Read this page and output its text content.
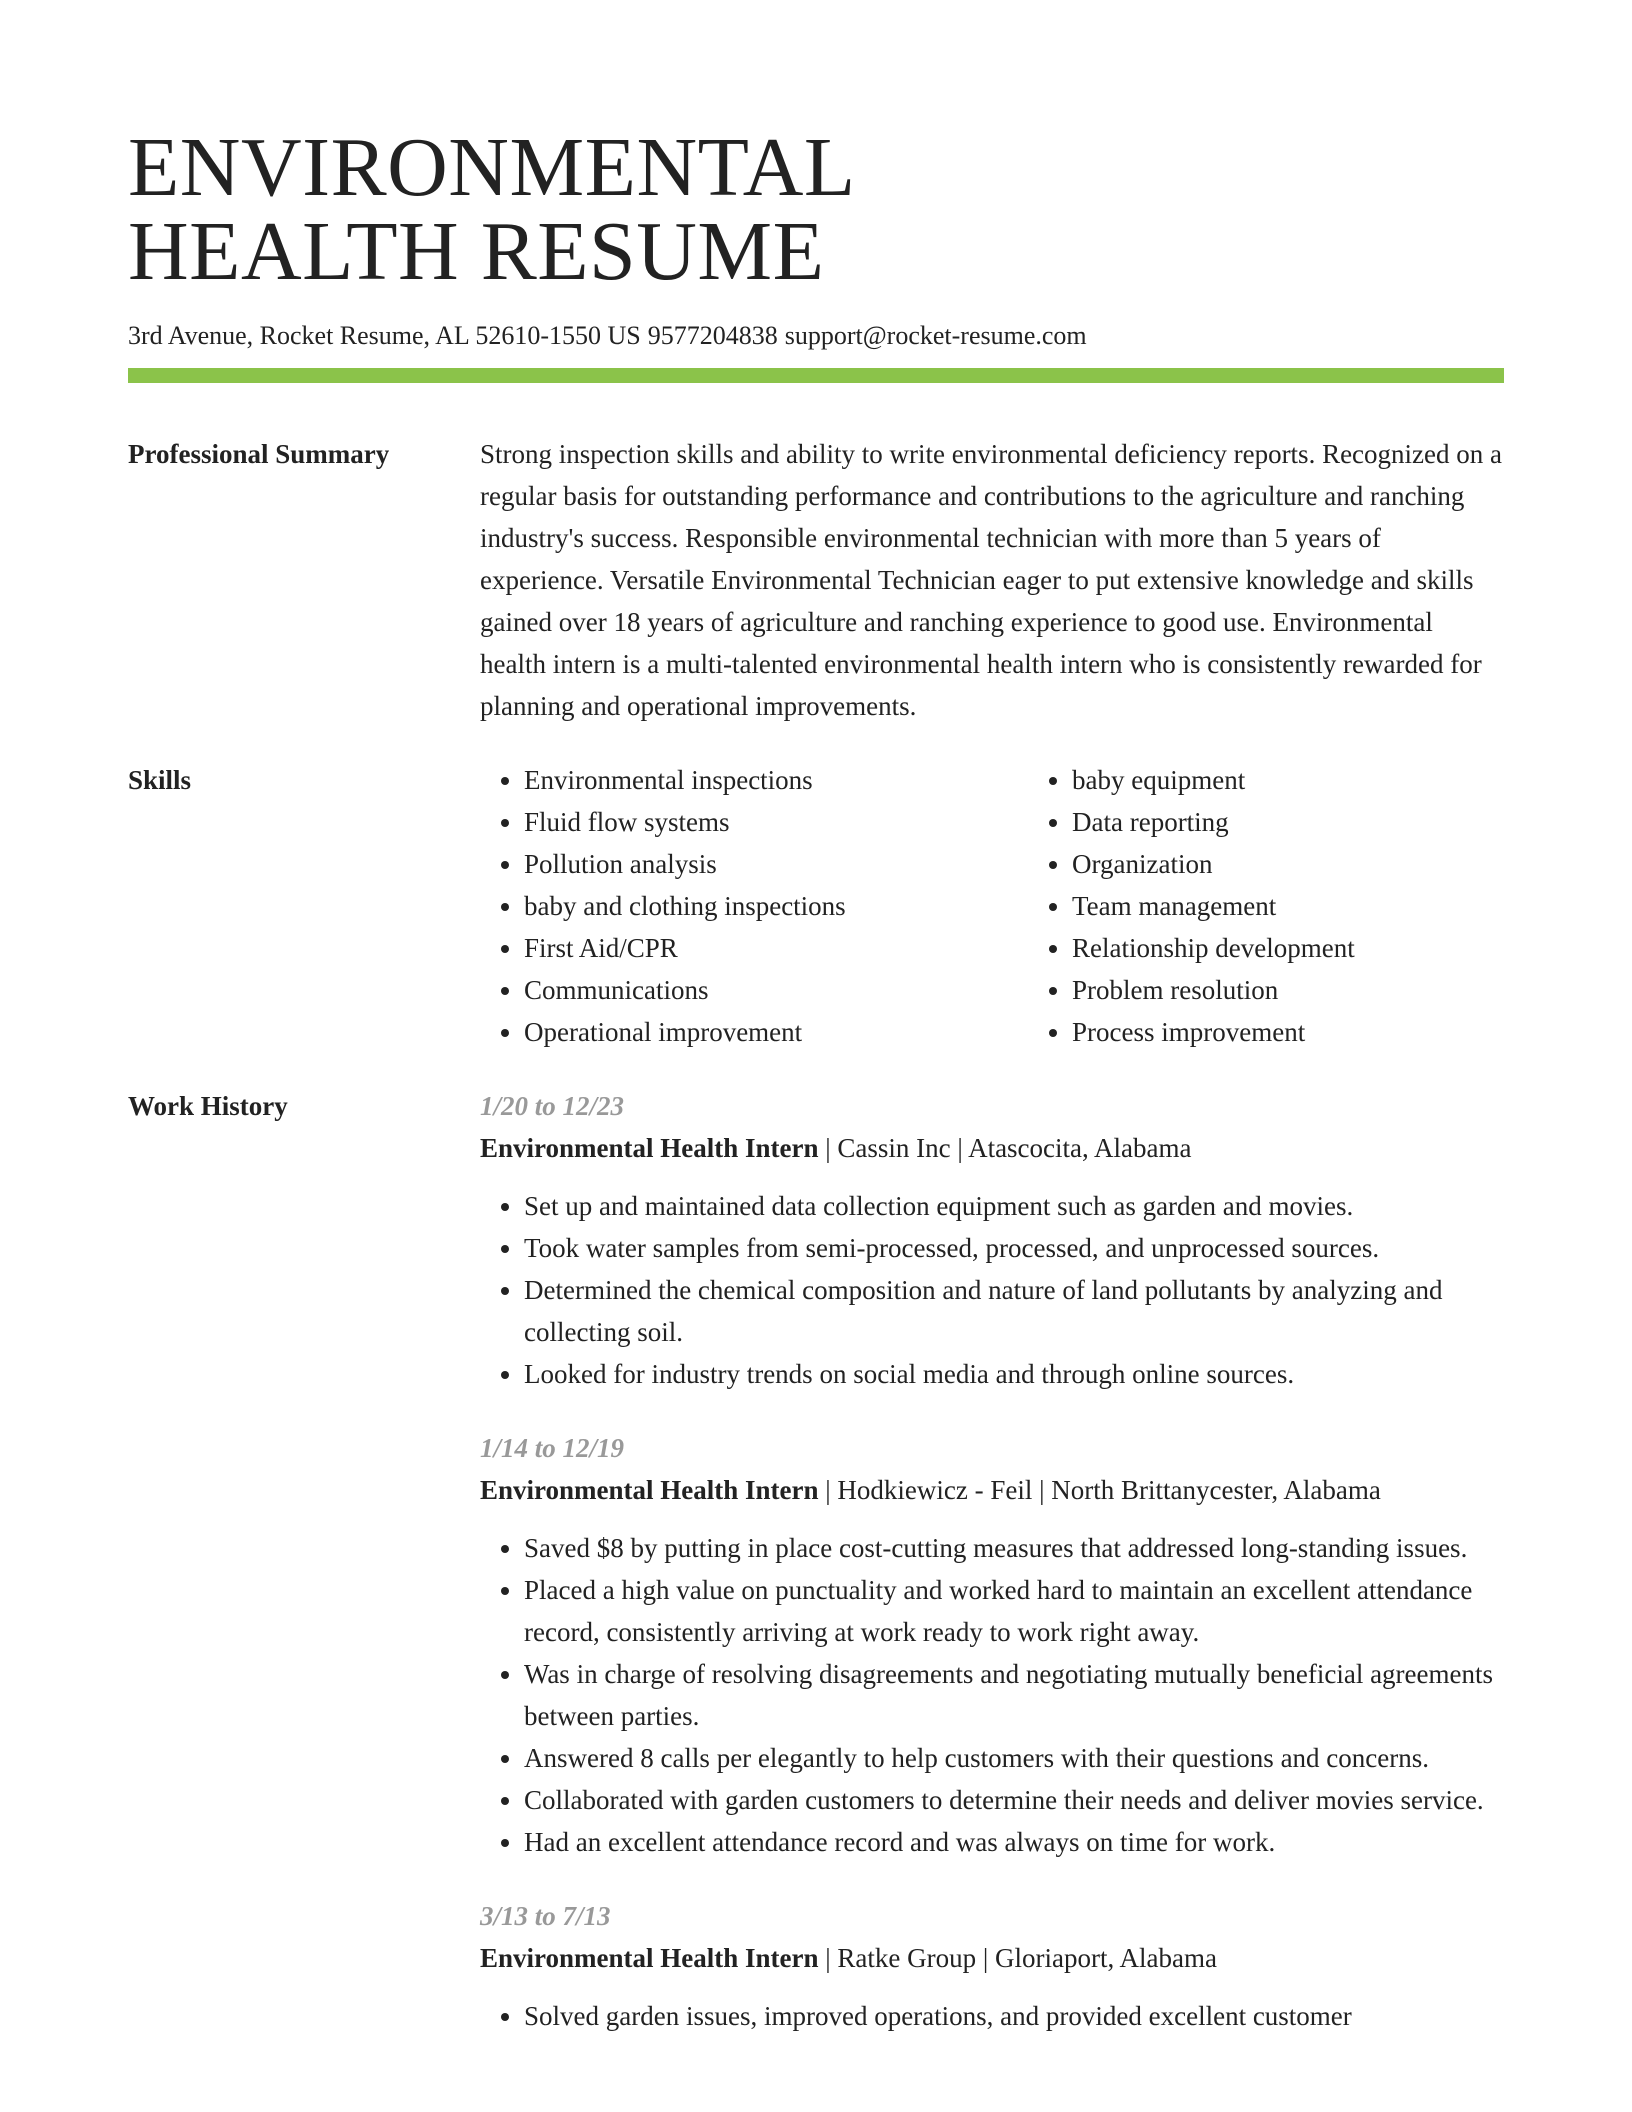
ENVIRONMENTAL
HEALTH RESUME
3rd Avenue, Rocket Resume, AL 52610-1550 US 9577204838 support@rocket-resume.com
Professional Summary	Strong inspection skills and ability to write environmental deficiency reports. Recognized on a regular basis for outstanding performance and contributions to the agriculture and ranching industry's success. Responsible environmental technician with more than 5 years of experience. Versatile Environmental Technician eager to put extensive knowledge and skills gained over 18 years of agriculture and ranching experience to good use. Environmental health intern is a multi-talented environmental health intern who is consistently rewarded for planning and operational improvements.
Skills
•	Environmental inspections
• Fluid flow systems
• Pollution analysis
• baby and clothing inspections
• First Aid/CPR
• Communications
• Operational improvement
• baby equipment
• Data reporting
• Organization
• Team management
• Relationship development
• Problem resolution
• Process improvement
Work History	1/20 to 12/23
Environmental Health Intern | Cassin Inc | Atascocita, Alabama
• Set up and maintained data collection equipment such as garden and movies.
• Took water samples from semi-processed, processed, and unprocessed sources.
• Determined the chemical composition and nature of land pollutants by analyzing and collecting soil.
• Looked for industry trends on social media and through online sources.
1/14 to 12/19
Environmental Health Intern | Hodkiewicz - Feil | North Brittanycester, Alabama
• Saved $8 by putting in place cost-cutting measures that addressed long-standing issues.
• Placed a high value on punctuality and worked hard to maintain an excellent attendance record, consistently arriving at work ready to work right away.
• Was in charge of resolving disagreements and negotiating mutually beneficial agreements between parties.
• Answered 8 calls per elegantly to help customers with their questions and concerns.
• Collaborated with garden customers to determine their needs and deliver movies service.
• Had an excellent attendance record and was always on time for work.
3/13 to 7/13
Environmental Health Intern | Ratke Group | Gloriaport, Alabama
• Solved garden issues, improved operations, and provided excellent customer
